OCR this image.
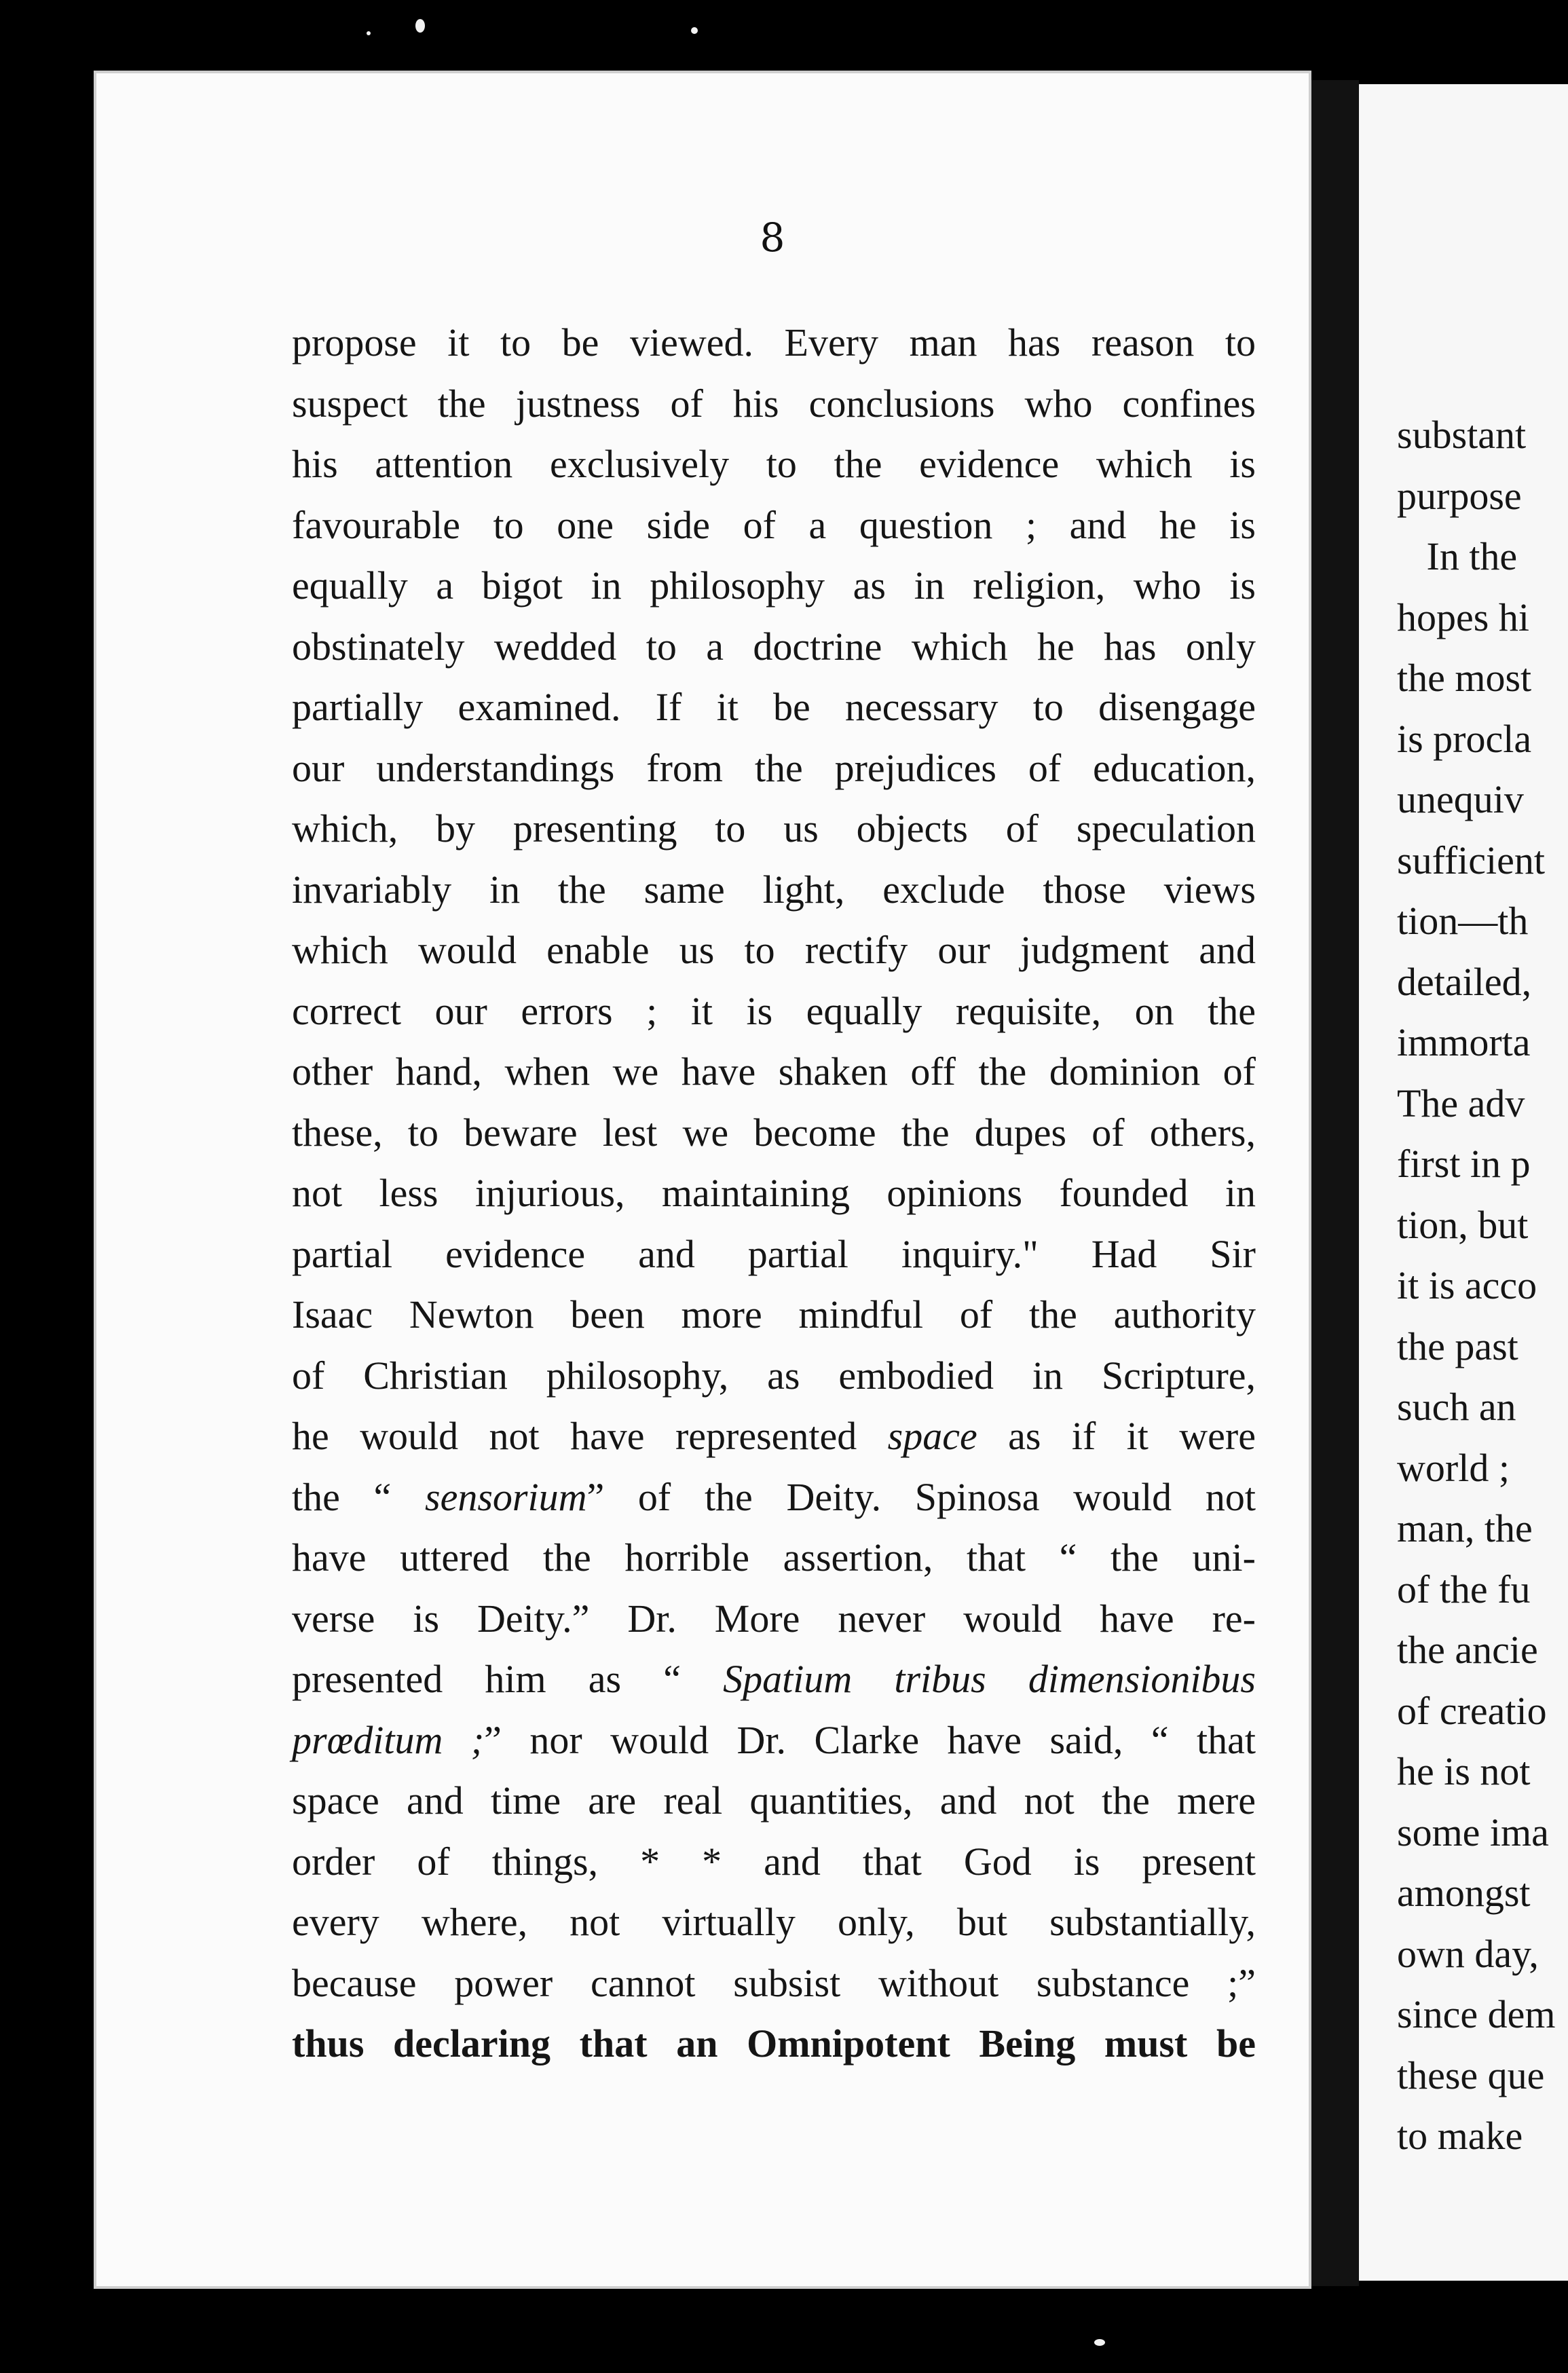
8
propose it to be viewed. Every man has reason to
suspect the justness of his conclusions who confines
his attention exclusively to the evidence which is
favourable to one side of a question ; and he is
equally a bigot in philosophy as in religion, who is
obstinately wedded to a doctrine which he has only
partially examined. If it be necessary to disengage
our understandings from the prejudices of education,
which, by presenting to us objects of speculation
invariably in the same light, exclude those views
which would enable us to rectify our judgment and
correct our errors ; it is equally requisite, on the
other hand, when we have shaken off the dominion of
these, to beware lest we become the dupes of others,
not less injurious, maintaining opinions founded in
partial evidence and partial inquiry." Had Sir
Isaac Newton been more mindful of the authority
of Christian philosophy, as embodied in Scripture,
he would not have represented space as if it were
the “ sensorium” of the Deity. Spinosa would not
have uttered the horrible assertion, that “ the uni-
verse is Deity.” Dr. More never would have re-
presented him as “ Spatium tribus dimensionibus
prœditum ;” nor would Dr. Clarke have said, “ that
space and time are real quantities, and not the mere
order of things, * * and that God is present
every where, not virtually only, but substantially,
because power cannot subsist without substance ;”
thus declaring that an Omnipotent Being must be
substant
purpose
In the
hopes hi
the most
is procla
unequiv
sufficient
tion—th
detailed,
immorta
The adv
first in p
tion, but
it is acco
the past
such an
world ;
man, the
of the fu
the ancie
of creatio
he is not
some ima
amongst
own day,
since dem
these que
to make
